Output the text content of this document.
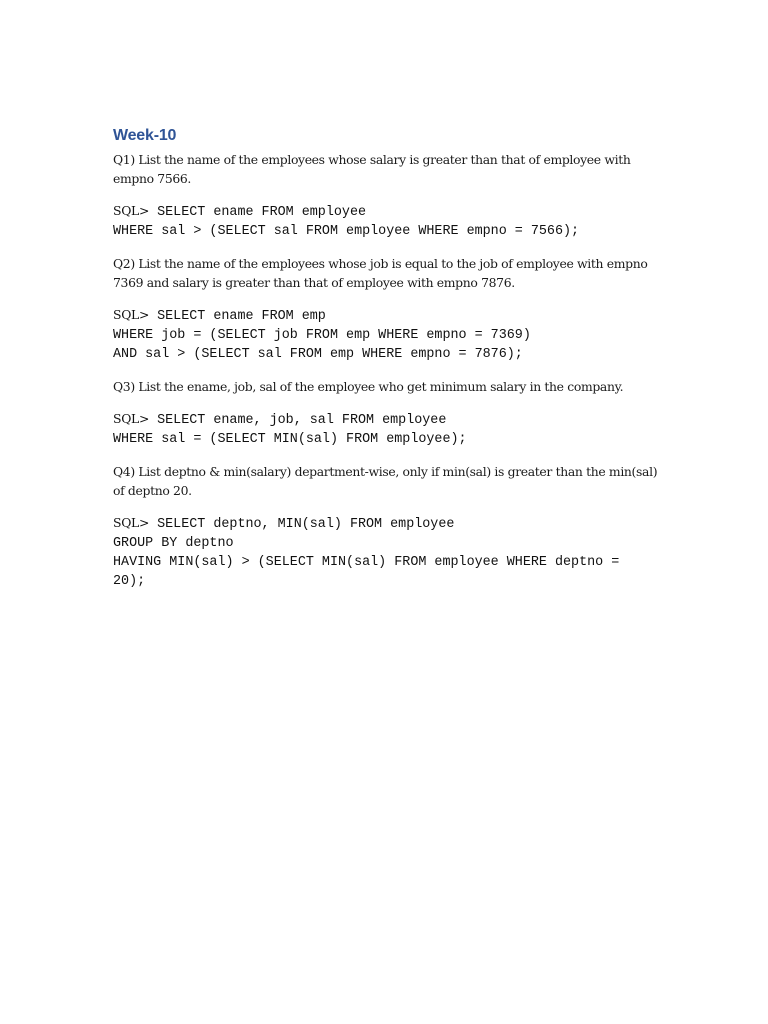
Week-10

Q1) List the name of the employees whose salary is greater than that of employee with empno 7566.

SQL> SELECT ename FROM employee
WHERE sal > (SELECT sal FROM employee WHERE empno = 7566);

Q2) List the name of the employees whose job is equal to the job of employee with empno 7369 and salary is greater than that of employee with empno 7876.

SQL> SELECT ename FROM emp
WHERE job = (SELECT job FROM emp WHERE empno = 7369)
AND sal > (SELECT sal FROM emp WHERE empno = 7876);

Q3) List the ename, job, sal of the employee who get minimum salary in the company.

SQL> SELECT ename, job, sal FROM employee
WHERE sal = (SELECT MIN(sal) FROM employee);

Q4) List deptno & min(salary) department-wise, only if min(sal) is greater than the min(sal) of deptno 20.

SQL> SELECT deptno, MIN(sal) FROM employee
GROUP BY deptno
HAVING MIN(sal) > (SELECT MIN(sal) FROM employee WHERE deptno =
20);
